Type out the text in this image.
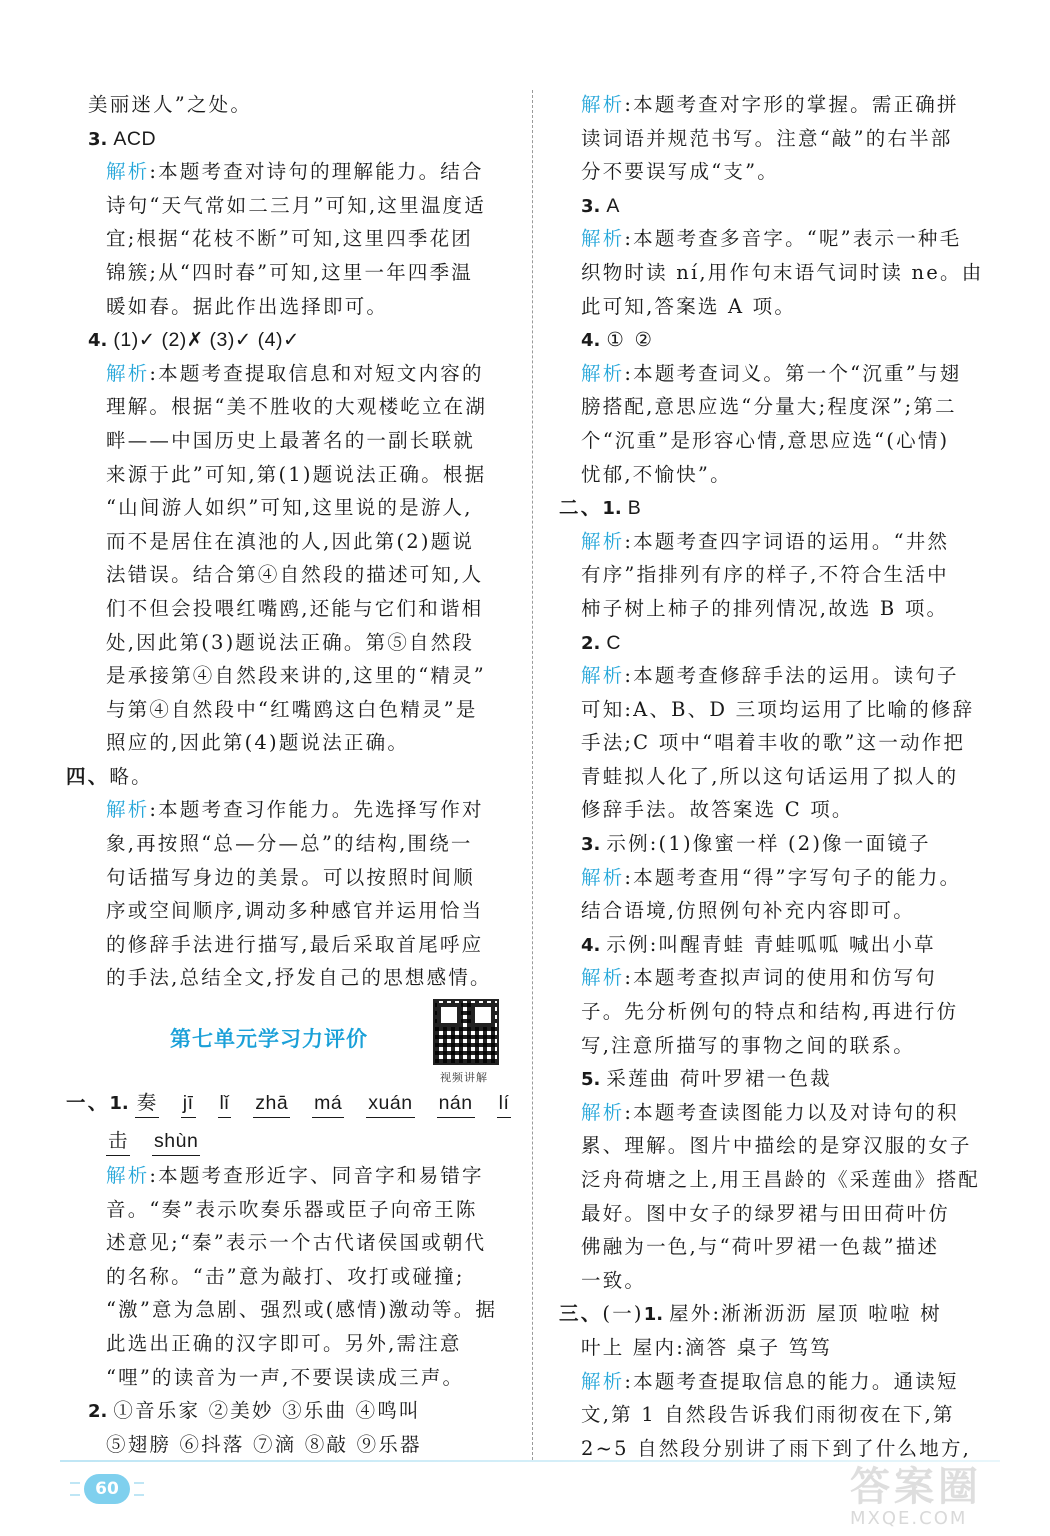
美丽迷人”之处。
3. ACD
解析:本题考查对诗句的理解能力。结合
诗句“天气常如二三月”可知,这里温度适
宜;根据“花枝不断”可知,这里四季花团
锦簇;从“四时春”可知,这里一年四季温
暖如春。据此作出选择即可。
4. (1)✓ (2)✗ (3)✓ (4)✓
解析:本题考查提取信息和对短文内容的
理解。根据“美不胜收的大观楼屹立在湖
畔——中国历史上最著名的一副长联就
来源于此”可知,第(1)题说法正确。根据
“山间游人如织”可知,这里说的是游人,
而不是居住在滇池的人,因此第(2)题说
法错误。结合第④自然段的描述可知,人
们不但会投喂红嘴鸥,还能与它们和谐相
处,因此第(3)题说法正确。第⑤自然段
是承接第④自然段来讲的,这里的“精灵”
与第④自然段中“红嘴鸥这白色精灵”是
照应的,因此第(4)题说法正确。
四、略。
解析:本题考查习作能力。先选择写作对
象,再按照“总—分—总”的结构,围绕一
句话描写身边的美景。可以按照时间顺
序或空间顺序,调动多种感官并运用恰当
的修辞手法进行描写,最后采取首尾呼应
的手法,总结全文,抒发自己的思想感情。
第七单元学习力评价
视频讲解
一、1. 奏 jī lǐ zhā má xuán nán lí
击 shùn
解析:本题考查形近字、同音字和易错字
音。“奏”表示吹奏乐器或臣子向帝王陈
述意见;“秦”表示一个古代诸侯国或朝代
的名称。“击”意为敲打、攻打或碰撞;
“激”意为急剧、强烈或(感情)激动等。据
此选出正确的汉字即可。另外,需注意
“哩”的读音为一声,不要误读成三声。
2. ①音乐家 ②美妙 ③乐曲 ④鸣叫
⑤翅膀 ⑥抖落 ⑦滴 ⑧敲 ⑨乐器
解析:本题考查对字形的掌握。需正确拼
读词语并规范书写。注意“敲”的右半部
分不要误写成“支”。
3. A
解析:本题考查多音字。“呢”表示一种毛
织物时读 ní,用作句末语气词时读 ne。由
此可知,答案选 A 项。
4. ① ②
解析:本题考查词义。第一个“沉重”与翅
膀搭配,意思应选“分量大;程度深”;第二
个“沉重”是形容心情,意思应选“(心情)
忧郁,不愉快”。
二、1. B
解析:本题考查四字词语的运用。“井然
有序”指排列有序的样子,不符合生活中
柿子树上柿子的排列情况,故选 B 项。
2. C
解析:本题考查修辞手法的运用。读句子
可知:A、B、D 三项均运用了比喻的修辞
手法;C 项中“唱着丰收的歌”这一动作把
青蛙拟人化了,所以这句话运用了拟人的
修辞手法。故答案选 C 项。
3. 示例:(1)像蜜一样 (2)像一面镜子
解析:本题考查用“得”字写句子的能力。
结合语境,仿照例句补充内容即可。
4. 示例:叫醒青蛙 青蛙呱呱 喊出小草
解析:本题考查拟声词的使用和仿写句
子。先分析例句的特点和结构,再进行仿
写,注意所描写的事物之间的联系。
5. 采莲曲 荷叶罗裙一色裁
解析:本题考查读图能力以及对诗句的积
累、理解。图片中描绘的是穿汉服的女子
泛舟荷塘之上,用王昌龄的《采莲曲》搭配
最好。图中女子的绿罗裙与田田荷叶仿
佛融为一色,与“荷叶罗裙一色裁”描述
一致。
三、(一)1. 屋外:淅淅沥沥 屋顶 啦啦 树
叶上 屋内:滴答 桌子 笃笃
解析:本题考查提取信息的能力。通读短
文,第 1 自然段告诉我们雨彻夜在下,第
2~5 自然段分别讲了雨下到了什么地方,
60	答案圈
MXQE.COM
